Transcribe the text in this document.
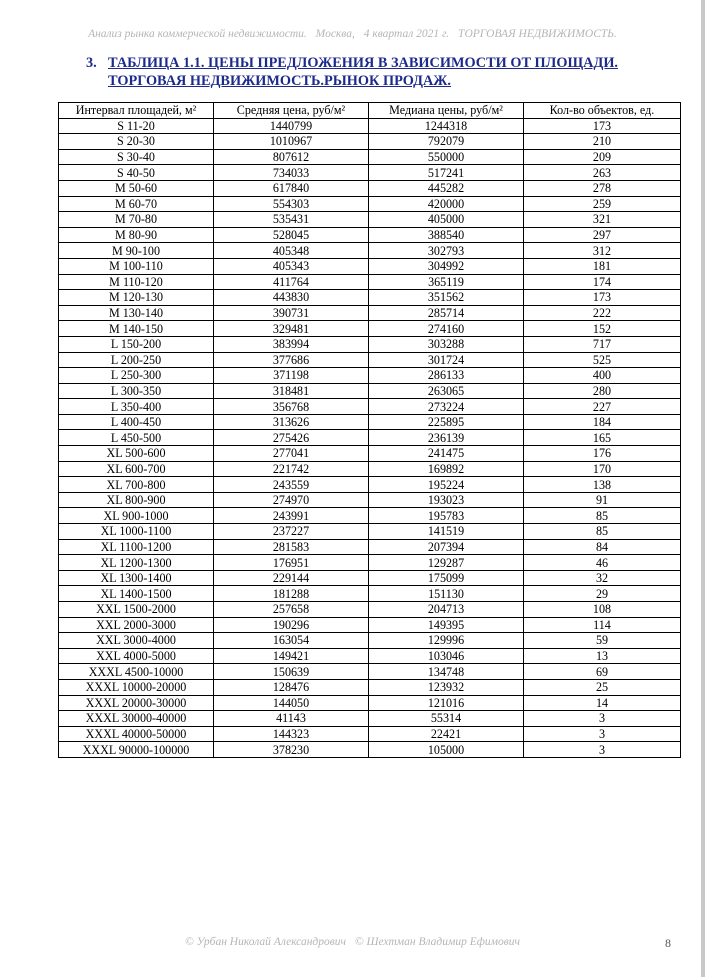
Анализ рынка коммерческой недвижимости. Москва, 4 квартал 2021 г. ТОРГОВАЯ НЕДВИЖИМОСТЬ.
3. ТАБЛИЦА 1.1. ЦЕНЫ ПРЕДЛОЖЕНИЯ В ЗАВИСИМОСТИ ОТ ПЛОЩАДИ.
ТОРГОВАЯ НЕДВИЖИМОСТЬ.РЫНОК ПРОДАЖ.
Интервал площадей, м²	Средняя цена, руб/м²	Медиана цены, руб/м²	Кол-во объектов, ед.
S 11-20	1440799	1244318	173
S 20-30	1010967	792079	210
S 30-40	807612	550000	209
S 40-50	734033	517241	263
M 50-60	617840	445282	278
M 60-70	554303	420000	259
M 70-80	535431	405000	321
M 80-90	528045	388540	297
M 90-100	405348	302793	312
M 100-110	405343	304992	181
M 110-120	411764	365119	174
M 120-130	443830	351562	173
M 130-140	390731	285714	222
M 140-150	329481	274160	152
L 150-200	383994	303288	717
L 200-250	377686	301724	525
L 250-300	371198	286133	400
L 300-350	318481	263065	280
L 350-400	356768	273224	227
L 400-450	313626	225895	184
L 450-500	275426	236139	165
XL 500-600	277041	241475	176
XL 600-700	221742	169892	170
XL 700-800	243559	195224	138
XL 800-900	274970	193023	91
XL 900-1000	243991	195783	85
XL 1000-1100	237227	141519	85
XL 1100-1200	281583	207394	84
XL 1200-1300	176951	129287	46
XL 1300-1400	229144	175099	32
XL 1400-1500	181288	151130	29
XXL 1500-2000	257658	204713	108
XXL 2000-3000	190296	149395	114
XXL 3000-4000	163054	129996	59
XXL 4000-5000	149421	103046	13
XXXL 4500-10000	150639	134748	69
XXXL 10000-20000	128476	123932	25
XXXL 20000-30000	144050	121016	14
XXXL 30000-40000	41143	55314	3
XXXL 40000-50000	144323	22421	3
XXXL 90000-100000	378230	105000	3
© Урбан Николай Александрович © Шехтман Владимир Ефимович	8
